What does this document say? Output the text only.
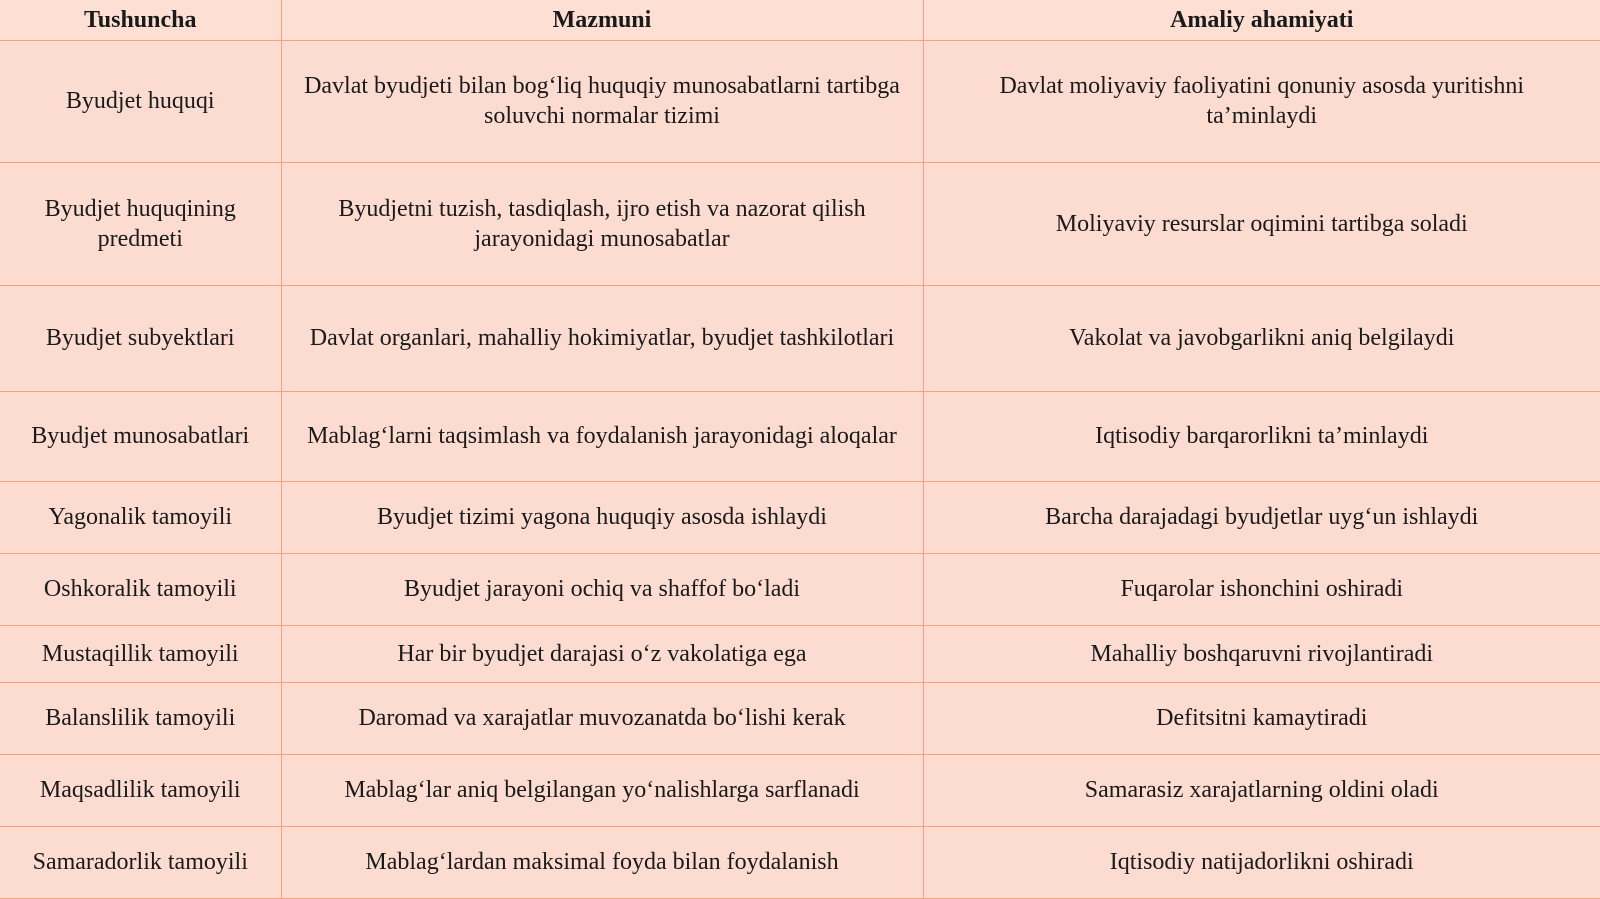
Tushuncha	Mazmuni	Amaliy ahamiyati
Byudjet huquqi	Davlat byudjeti bilan bog‘liq huquqiy munosabatlarni tartibga soluvchi normalar tizimi	Davlat moliyaviy faoliyatini qonuniy asosda yuritishni ta’minlaydi
Byudjet huquqining predmeti	Byudjetni tuzish, tasdiqlash, ijro etish va nazorat qilish jarayonidagi munosabatlar	Moliyaviy resurslar oqimini tartibga soladi
Byudjet subyektlari	Davlat organlari, mahalliy hokimiyatlar, byudjet tashkilotlari	Vakolat va javobgarlikni aniq belgilaydi
Byudjet munosabatlari	Mablag‘larni taqsimlash va foydalanish jarayonidagi aloqalar	Iqtisodiy barqarorlikni ta’minlaydi
Yagonalik tamoyili	Byudjet tizimi yagona huquqiy asosda ishlaydi	Barcha darajadagi byudjetlar uyg‘un ishlaydi
Oshkoralik tamoyili	Byudjet jarayoni ochiq va shaffof bo‘ladi	Fuqarolar ishonchini oshiradi
Mustaqillik tamoyili	Har bir byudjet darajasi o‘z vakolatiga ega	Mahalliy boshqaruvni rivojlantiradi
Balanslilik tamoyili	Daromad va xarajatlar muvozanatda bo‘lishi kerak	Defitsitni kamaytiradi
Maqsadlilik tamoyili	Mablag‘lar aniq belgilangan yo‘nalishlarga sarflanadi	Samarasiz xarajatlarning oldini oladi
Samaradorlik tamoyili	Mablag‘lardan maksimal foyda bilan foydalanish	Iqtisodiy natijadorlikni oshiradi
